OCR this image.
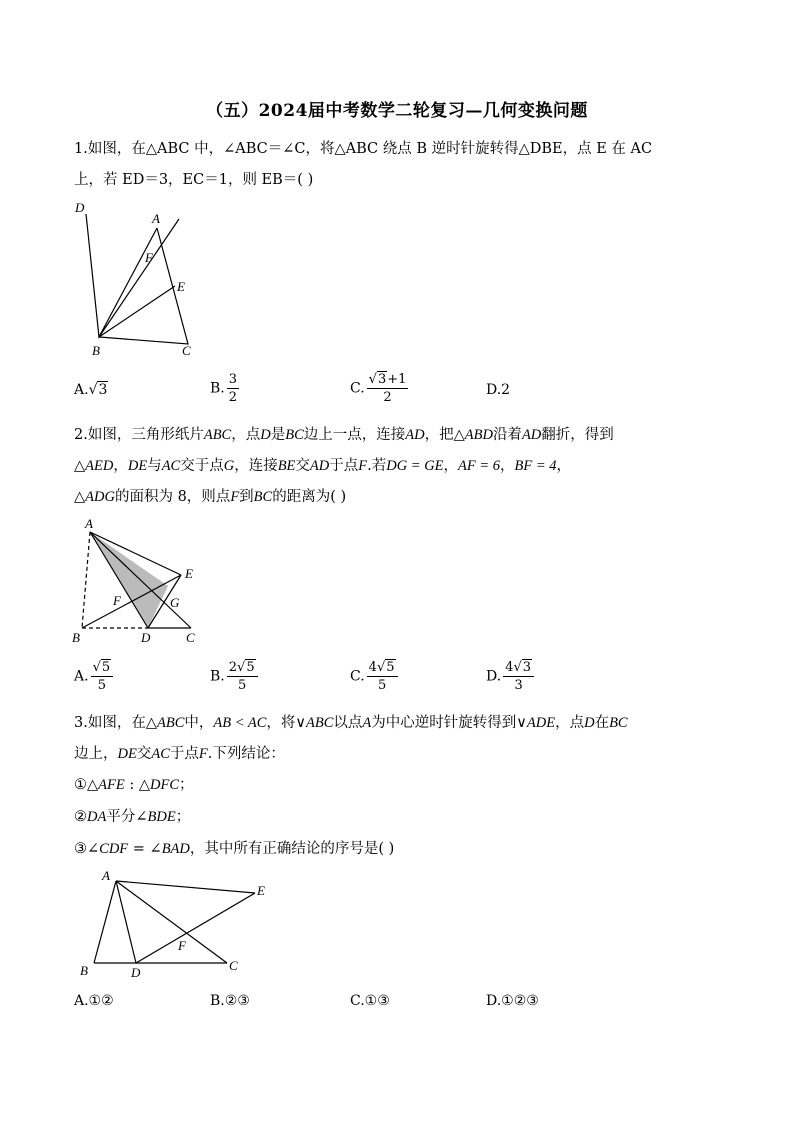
（五）2024届中考数学二轮复习—几何变换问题
1.如图，在△ABC 中，∠ABC＝∠C，将△ABC 绕点 B 逆时针旋转得△DBE，点 E 在 AC
上，若 ED＝3，EC＝1，则 EB＝( )
D
A
F
E
B	C
A.√3	B. $\frac{3}{2}$	C. $\frac{√3+1}{2}$	D.2
2.如图，三角形纸片ABC，点D是BC边上一点，连接AD，把△ABD沿着AD翻折，得到
△AED，DE与AC交于点G，连接BE交AD于点F.若DG = GE，AF = 6，BF = 4，
△ADG的面积为 8，则点F到BC的距离为( )
A
E
F	G
B	D	C
A. $\frac{√5}{5}$	B. $\frac{2√5}{5}$	C. $\frac{4√5}{5}$	D. $\frac{4√3}{3}$
3.如图，在△ABC中，AB < AC，将∨ABC以点A为中心逆时针旋转得到∨ADE，点D在BC
边上，DE交AC于点F.下列结论：
①△AFE : △DFC；
②DA平分∠BDE；
③∠CDF = ∠BAD，其中所有正确结论的序号是( )
A
E
F
B	D	C
A.①②	B.②③	C.①③	D.①②③
